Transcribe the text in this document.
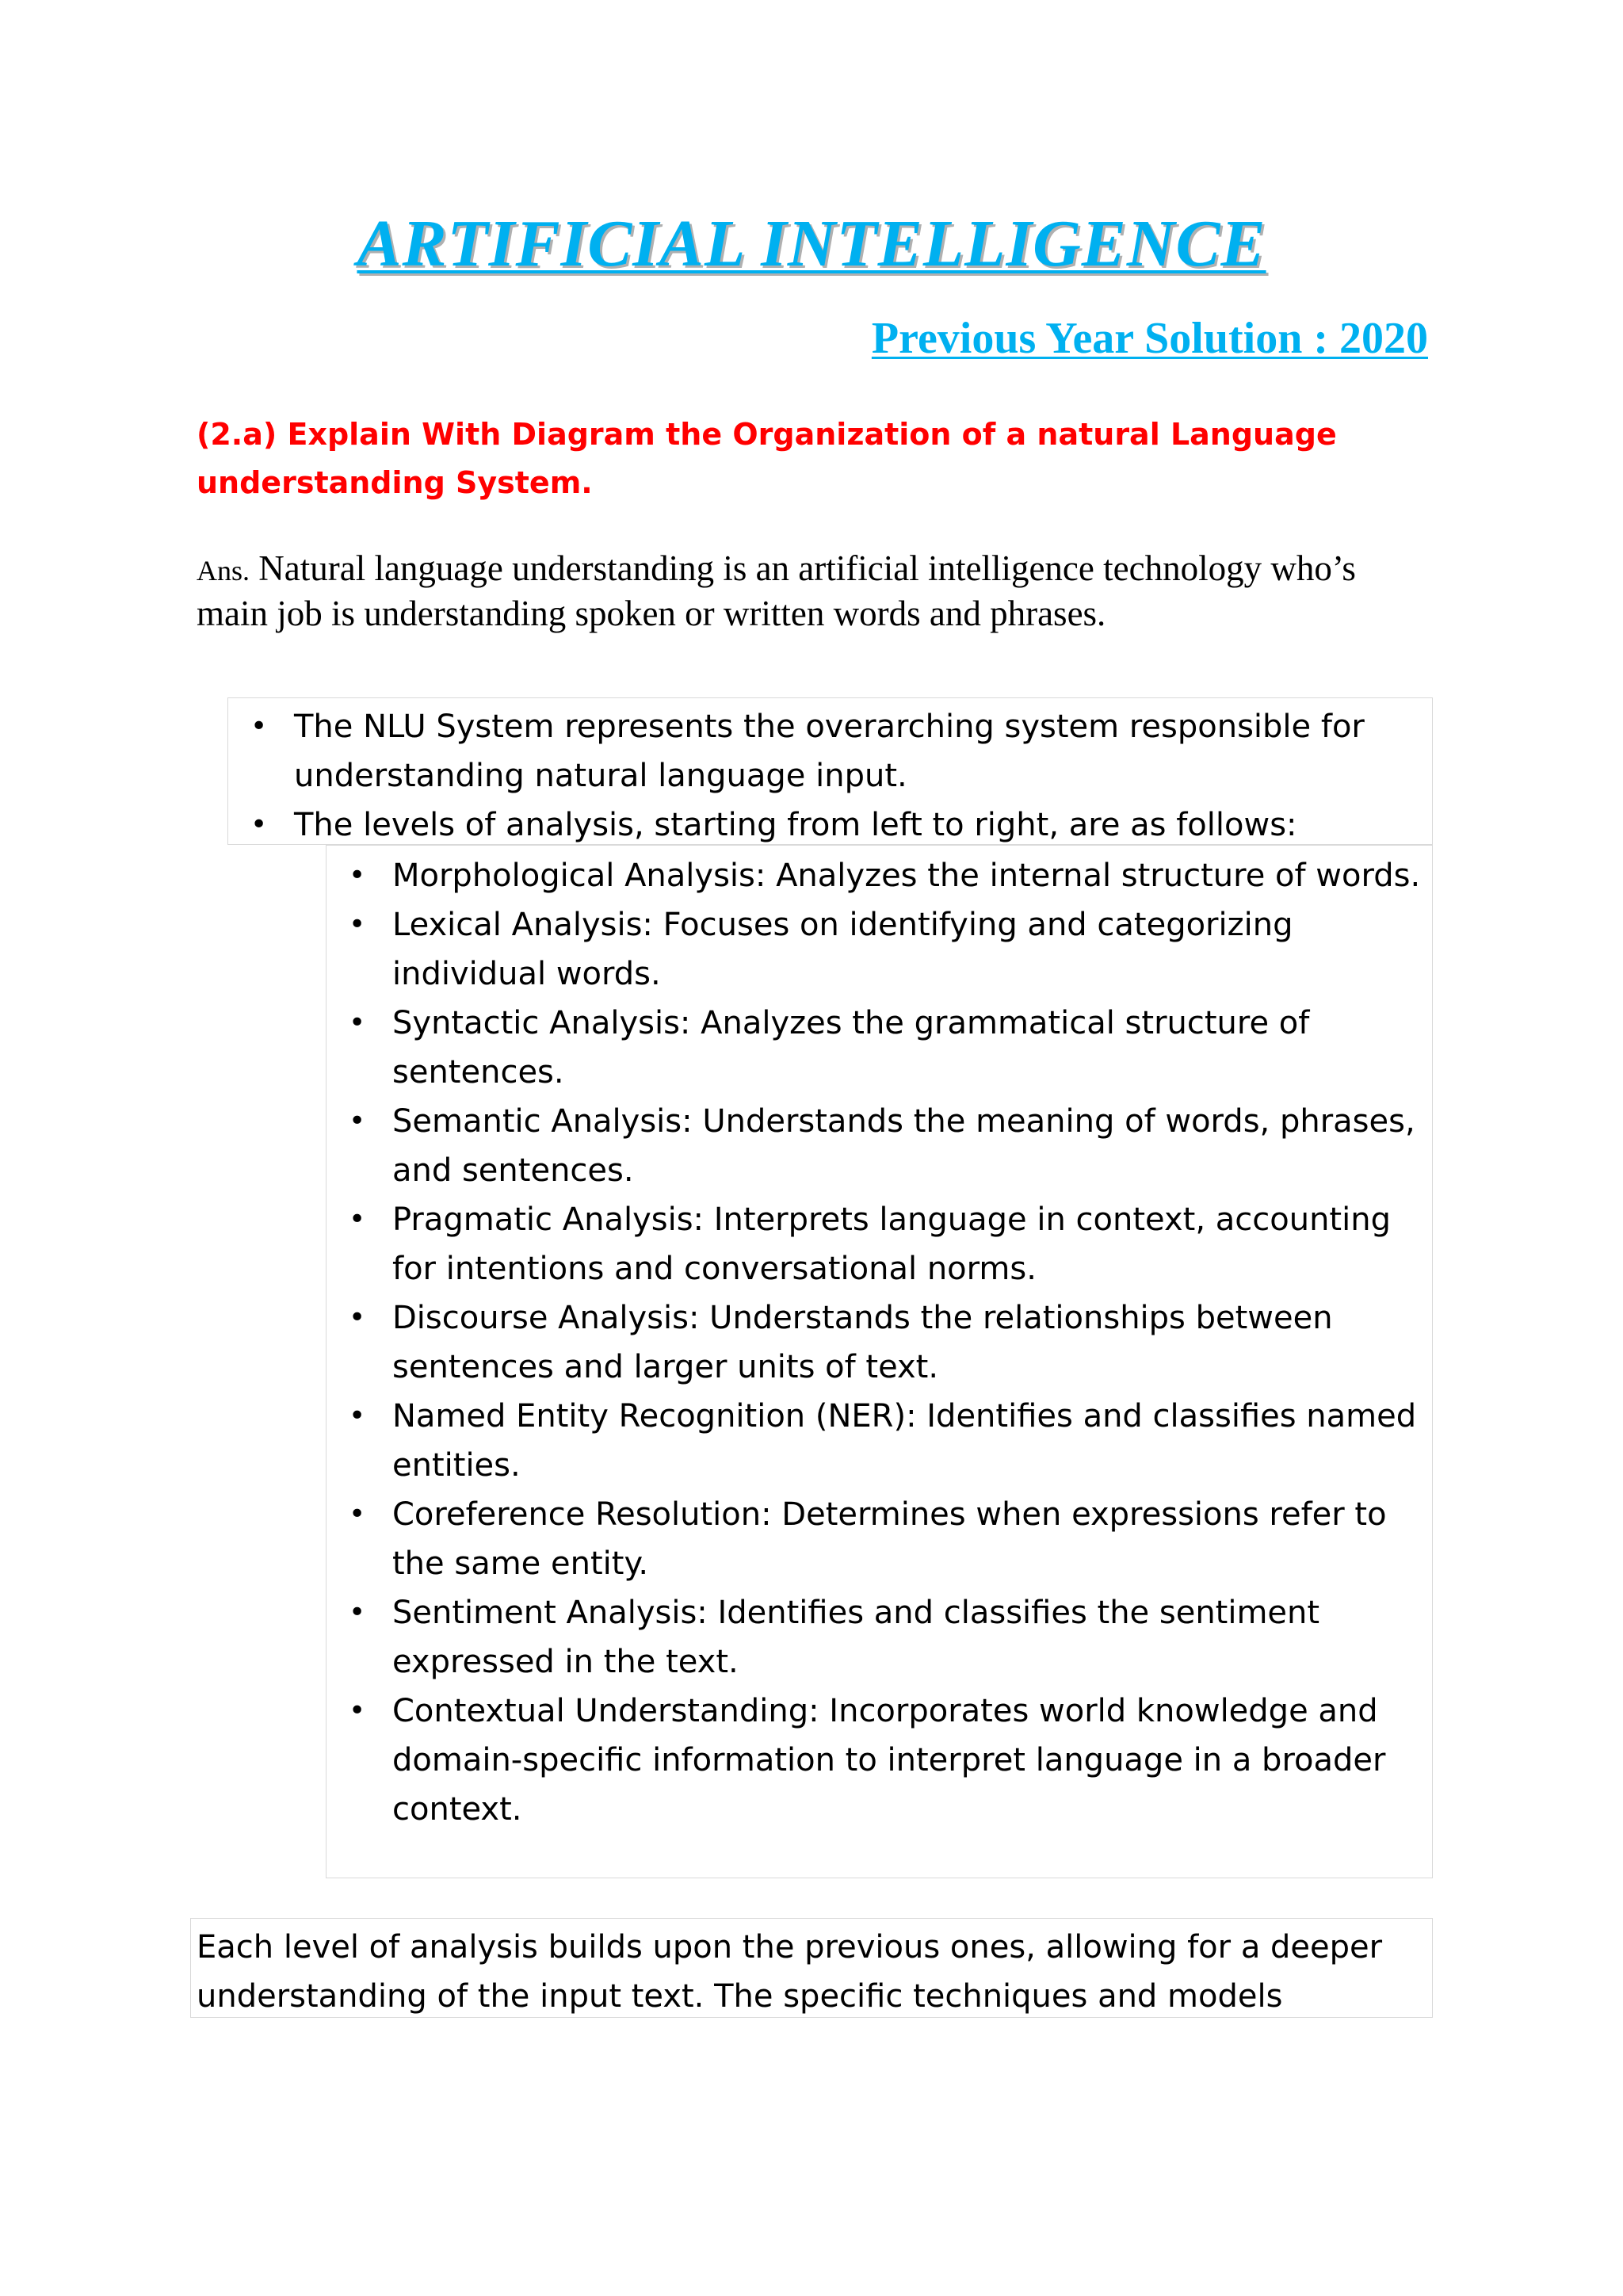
ARTIFICIAL INTELLIGENCE
Previous Year Solution : 2020

(2.a) Explain With Diagram the Organization of a natural Language understanding System.

Ans. Natural language understanding is an artificial intelligence technology who’s main job is understanding spoken or written words and phrases.

• The NLU System represents the overarching system responsible for understanding natural language input.
• The levels of analysis, starting from left to right, are as follows:
• Morphological Analysis: Analyzes the internal structure of words.
• Lexical Analysis: Focuses on identifying and categorizing individual words.
• Syntactic Analysis: Analyzes the grammatical structure of sentences.
• Semantic Analysis: Understands the meaning of words, phrases, and sentences.
• Pragmatic Analysis: Interprets language in context, accounting for intentions and conversational norms.
• Discourse Analysis: Understands the relationships between sentences and larger units of text.
• Named Entity Recognition (NER): Identifies and classifies named entities.
• Coreference Resolution: Determines when expressions refer to the same entity.
• Sentiment Analysis: Identifies and classifies the sentiment expressed in the text.
• Contextual Understanding: Incorporates world knowledge and domain-specific information to interpret language in a broader context.

Each level of analysis builds upon the previous ones, allowing for a deeper understanding of the input text. The specific techniques and models
